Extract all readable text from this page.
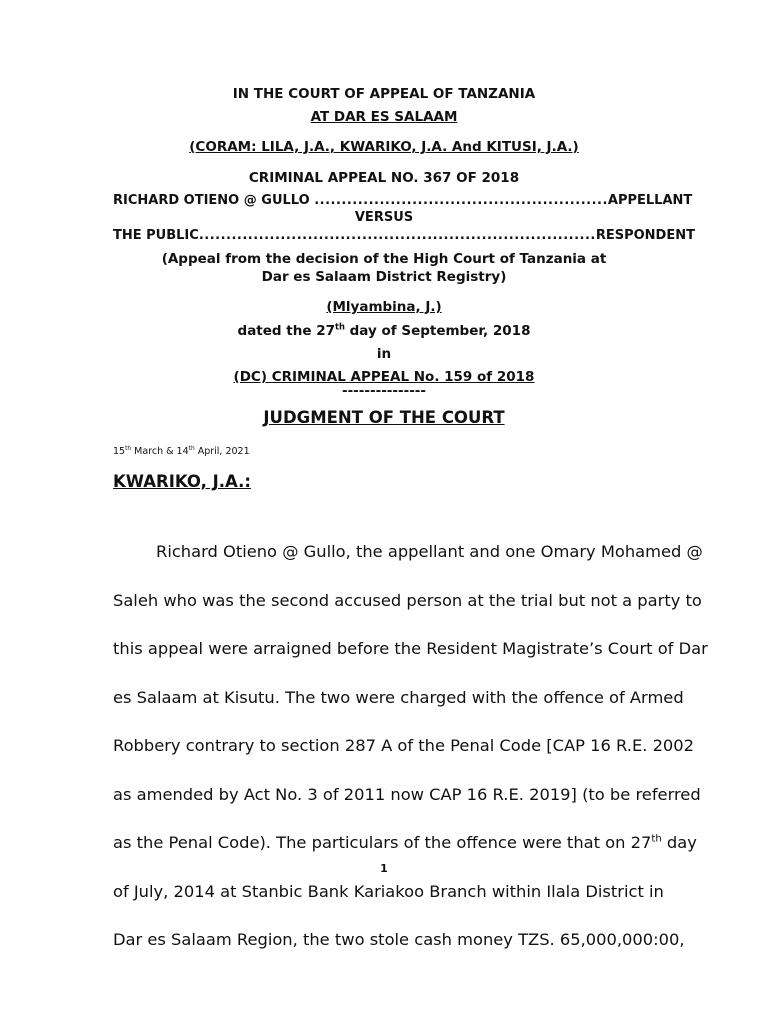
IN THE COURT OF APPEAL OF TANZANIA
AT DAR ES SALAAM
(CORAM: LILA, J.A., KWARIKO, J.A. And KITUSI, J.A.)
CRIMINAL APPEAL NO. 367 OF 2018
RICHARD OTIENO @ GULLO
...................................................... APPELLANT
VERSUS
THE PUBLIC ......................................................................... RESPONDENT
(Appeal from the decision of the High Court of Tanzania at
Dar es Salaam District Registry)
(Mlyambina, J.)
dated the 27th day of September, 2018
in
(DC) CRIMINAL APPEAL No. 159 of 2018
---------------
JUDGMENT OF THE COURT
15th March & 14th April, 2021
KWARIKO, J.A.:
Richard Otieno @ Gullo, the appellant and one Omary Mohamed @
Saleh who was the second accused person at the trial but not a party to
this appeal were arraigned before the Resident Magistrate’s Court of Dar
es Salaam at Kisutu. The two were charged with the offence of Armed
Robbery contrary to section 287 A of the Penal Code [CAP 16 R.E. 2002
as amended by Act No. 3 of 2011 now CAP 16 R.E. 2019] (to be referred
as the Penal Code). The particulars of the offence were that on 27th day
of July, 2014 at Stanbic Bank Kariakoo Branch within Ilala District in
Dar es Salaam Region, the two stole cash money TZS. 65,000,000:00,
1
